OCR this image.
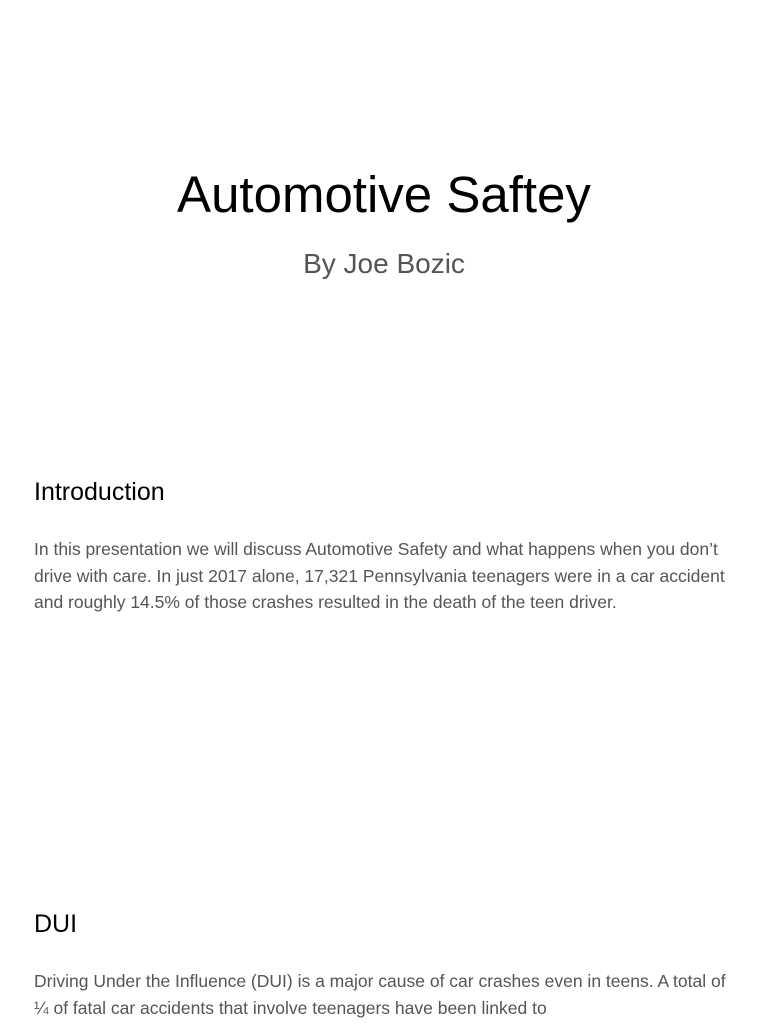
Automotive Saftey

By Joe Bozic

Introduction

In this presentation we will discuss Automotive Safety and what happens when you don’t drive with care. In just 2017 alone, 17,321 Pennsylvania teenagers were in a car accident and roughly 14.5% of those crashes resulted in the death of the teen driver.

DUI

Driving Under the Influence (DUI) is a major cause of car crashes even in teens. A total of ¼ of fatal car accidents that involve teenagers have been linked to
